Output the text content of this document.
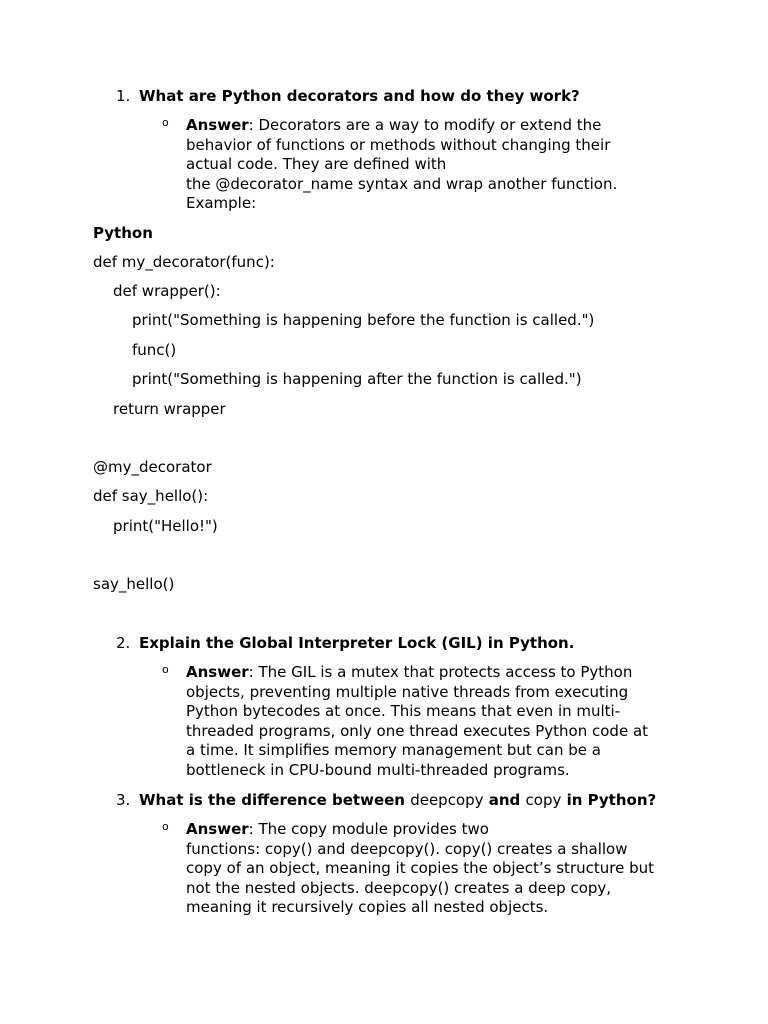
1. What are Python decorators and how do they work?
o Answer: Decorators are a way to modify or extend the
behavior of functions or methods without changing their
actual code. They are defined with
the @decorator_name syntax and wrap another function.
Example:
Python
def my_decorator(func):
def wrapper():
print("Something is happening before the function is called.")
func()
print("Something is happening after the function is called.")
return wrapper
@my_decorator
def say_hello():
print("Hello!")
say_hello()
2. Explain the Global Interpreter Lock (GIL) in Python.
o Answer: The GIL is a mutex that protects access to Python
objects, preventing multiple native threads from executing
Python bytecodes at once. This means that even in multi-
threaded programs, only one thread executes Python code at
a time. It simplifies memory management but can be a
bottleneck in CPU-bound multi-threaded programs.
3. What is the difference between deepcopy and copy in Python?
o Answer: The copy module provides two
functions: copy() and deepcopy(). copy() creates a shallow
copy of an object, meaning it copies the object’s structure but
not the nested objects. deepcopy() creates a deep copy,
meaning it recursively copies all nested objects.
